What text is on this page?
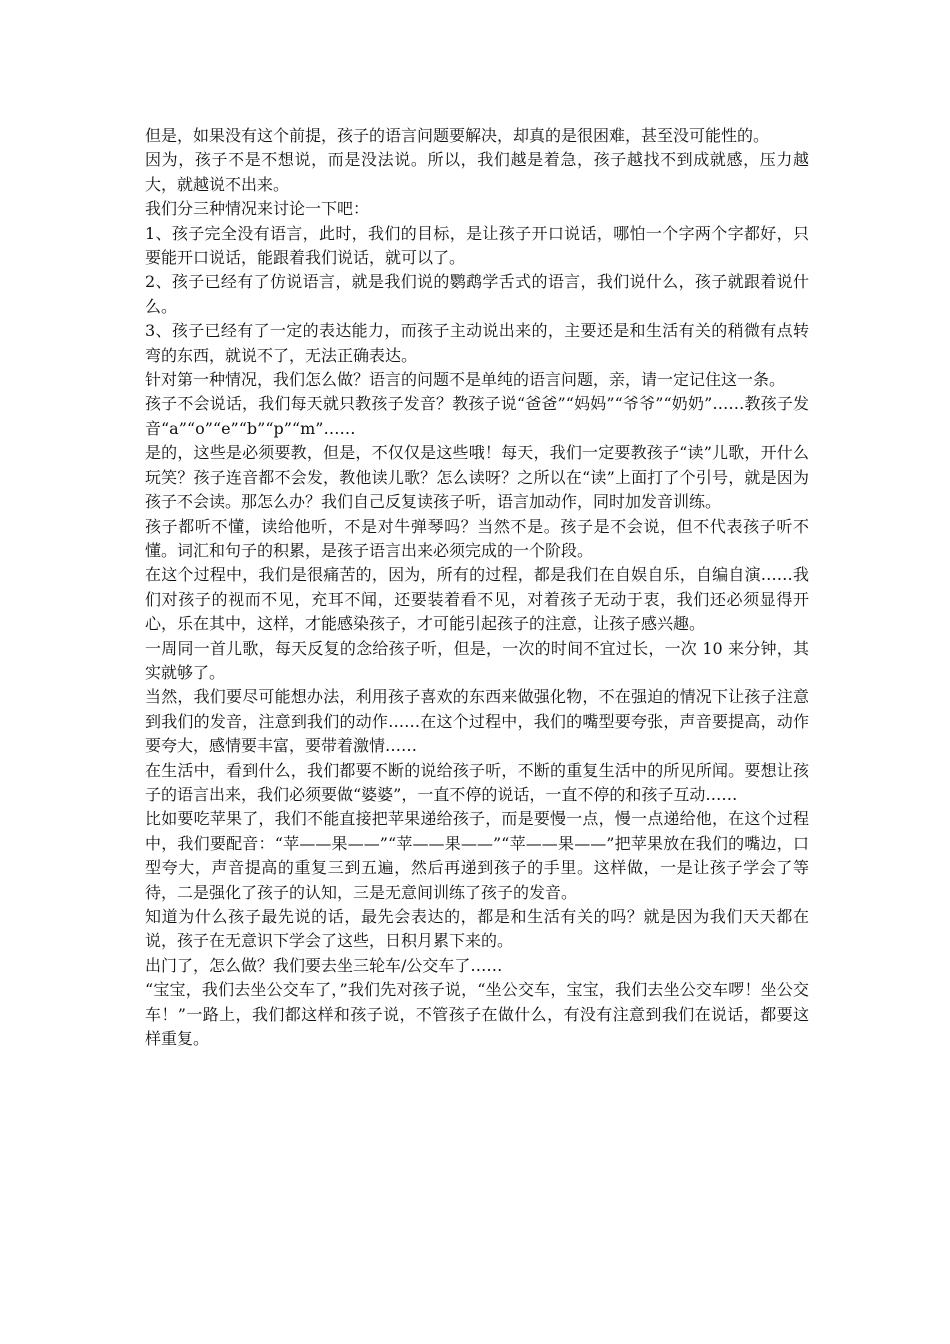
但是，如果没有这个前提，孩子的语言问题要解决，却真的是很困难，甚至没可能性的。

因为，孩子不是不想说，而是没法说。所以，我们越是着急，孩子越找不到成就感，压力越大，就越说不出来。

我们分三种情况来讨论一下吧：

1、孩子完全没有语言，此时，我们的目标，是让孩子开口说话，哪怕一个字两个字都好，只要能开口说话，能跟着我们说话，就可以了。

2、孩子已经有了仿说语言，就是我们说的鹦鹉学舌式的语言，我们说什么，孩子就跟着说什么。

3、孩子已经有了一定的表达能力，而孩子主动说出来的，主要还是和生活有关的稍微有点转弯的东西，就说不了，无法正确表达。

针对第一种情况，我们怎么做？语言的问题不是单纯的语言问题，亲，请一定记住这一条。

孩子不会说话，我们每天就只教孩子发音？教孩子说“爸爸”“妈妈”“爷爷”“奶奶”……教孩子发音“a”“o”“e”“b”“p”“m”……

是的，这些是必须要教，但是，不仅仅是这些哦！每天，我们一定要教孩子“读”儿歌，开什么玩笑？孩子连音都不会发，教他读儿歌？怎么读呀？之所以在“读”上面打了个引号，就是因为孩子不会读。那怎么办？我们自己反复读孩子听，语言加动作，同时加发音训练。

孩子都听不懂，读给他听，不是对牛弹琴吗？当然不是。孩子是不会说，但不代表孩子听不懂。词汇和句子的积累，是孩子语言出来必须完成的一个阶段。

在这个过程中，我们是很痛苦的，因为，所有的过程，都是我们在自娱自乐，自编自演……我们对孩子的视而不见，充耳不闻，还要装着看不见，对着孩子无动于衷，我们还必须显得开心，乐在其中，这样，才能感染孩子，才可能引起孩子的注意，让孩子感兴趣。

一周同一首儿歌，每天反复的念给孩子听，但是，一次的时间不宜过长，一次 10 来分钟，其实就够了。

当然，我们要尽可能想办法，利用孩子喜欢的东西来做强化物，不在强迫的情况下让孩子注意到我们的发音，注意到我们的动作……在这个过程中，我们的嘴型要夸张，声音要提高，动作要夸大，感情要丰富，要带着激情……

在生活中，看到什么，我们都要不断的说给孩子听，不断的重复生活中的所见所闻。要想让孩子的语言出来，我们必须要做“婆婆”，一直不停的说话，一直不停的和孩子互动……

比如要吃苹果了，我们不能直接把苹果递给孩子，而是要慢一点，慢一点递给他，在这个过程中，我们要配音：“苹——果——”“苹——果——”“苹——果——”把苹果放在我们的嘴边，口型夸大，声音提高的重复三到五遍，然后再递到孩子的手里。这样做，一是让孩子学会了等待，二是强化了孩子的认知，三是无意间训练了孩子的发音。

知道为什么孩子最先说的话，最先会表达的，都是和生活有关的吗？就是因为我们天天都在说，孩子在无意识下学会了这些，日积月累下来的。

出门了，怎么做？我们要去坐三轮车/公交车了……

“宝宝，我们去坐公交车了，”我们先对孩子说，“坐公交车，宝宝，我们去坐公交车啰！坐公交车！”一路上，我们都这样和孩子说，不管孩子在做什么，有没有注意到我们在说话，都要这样重复。
